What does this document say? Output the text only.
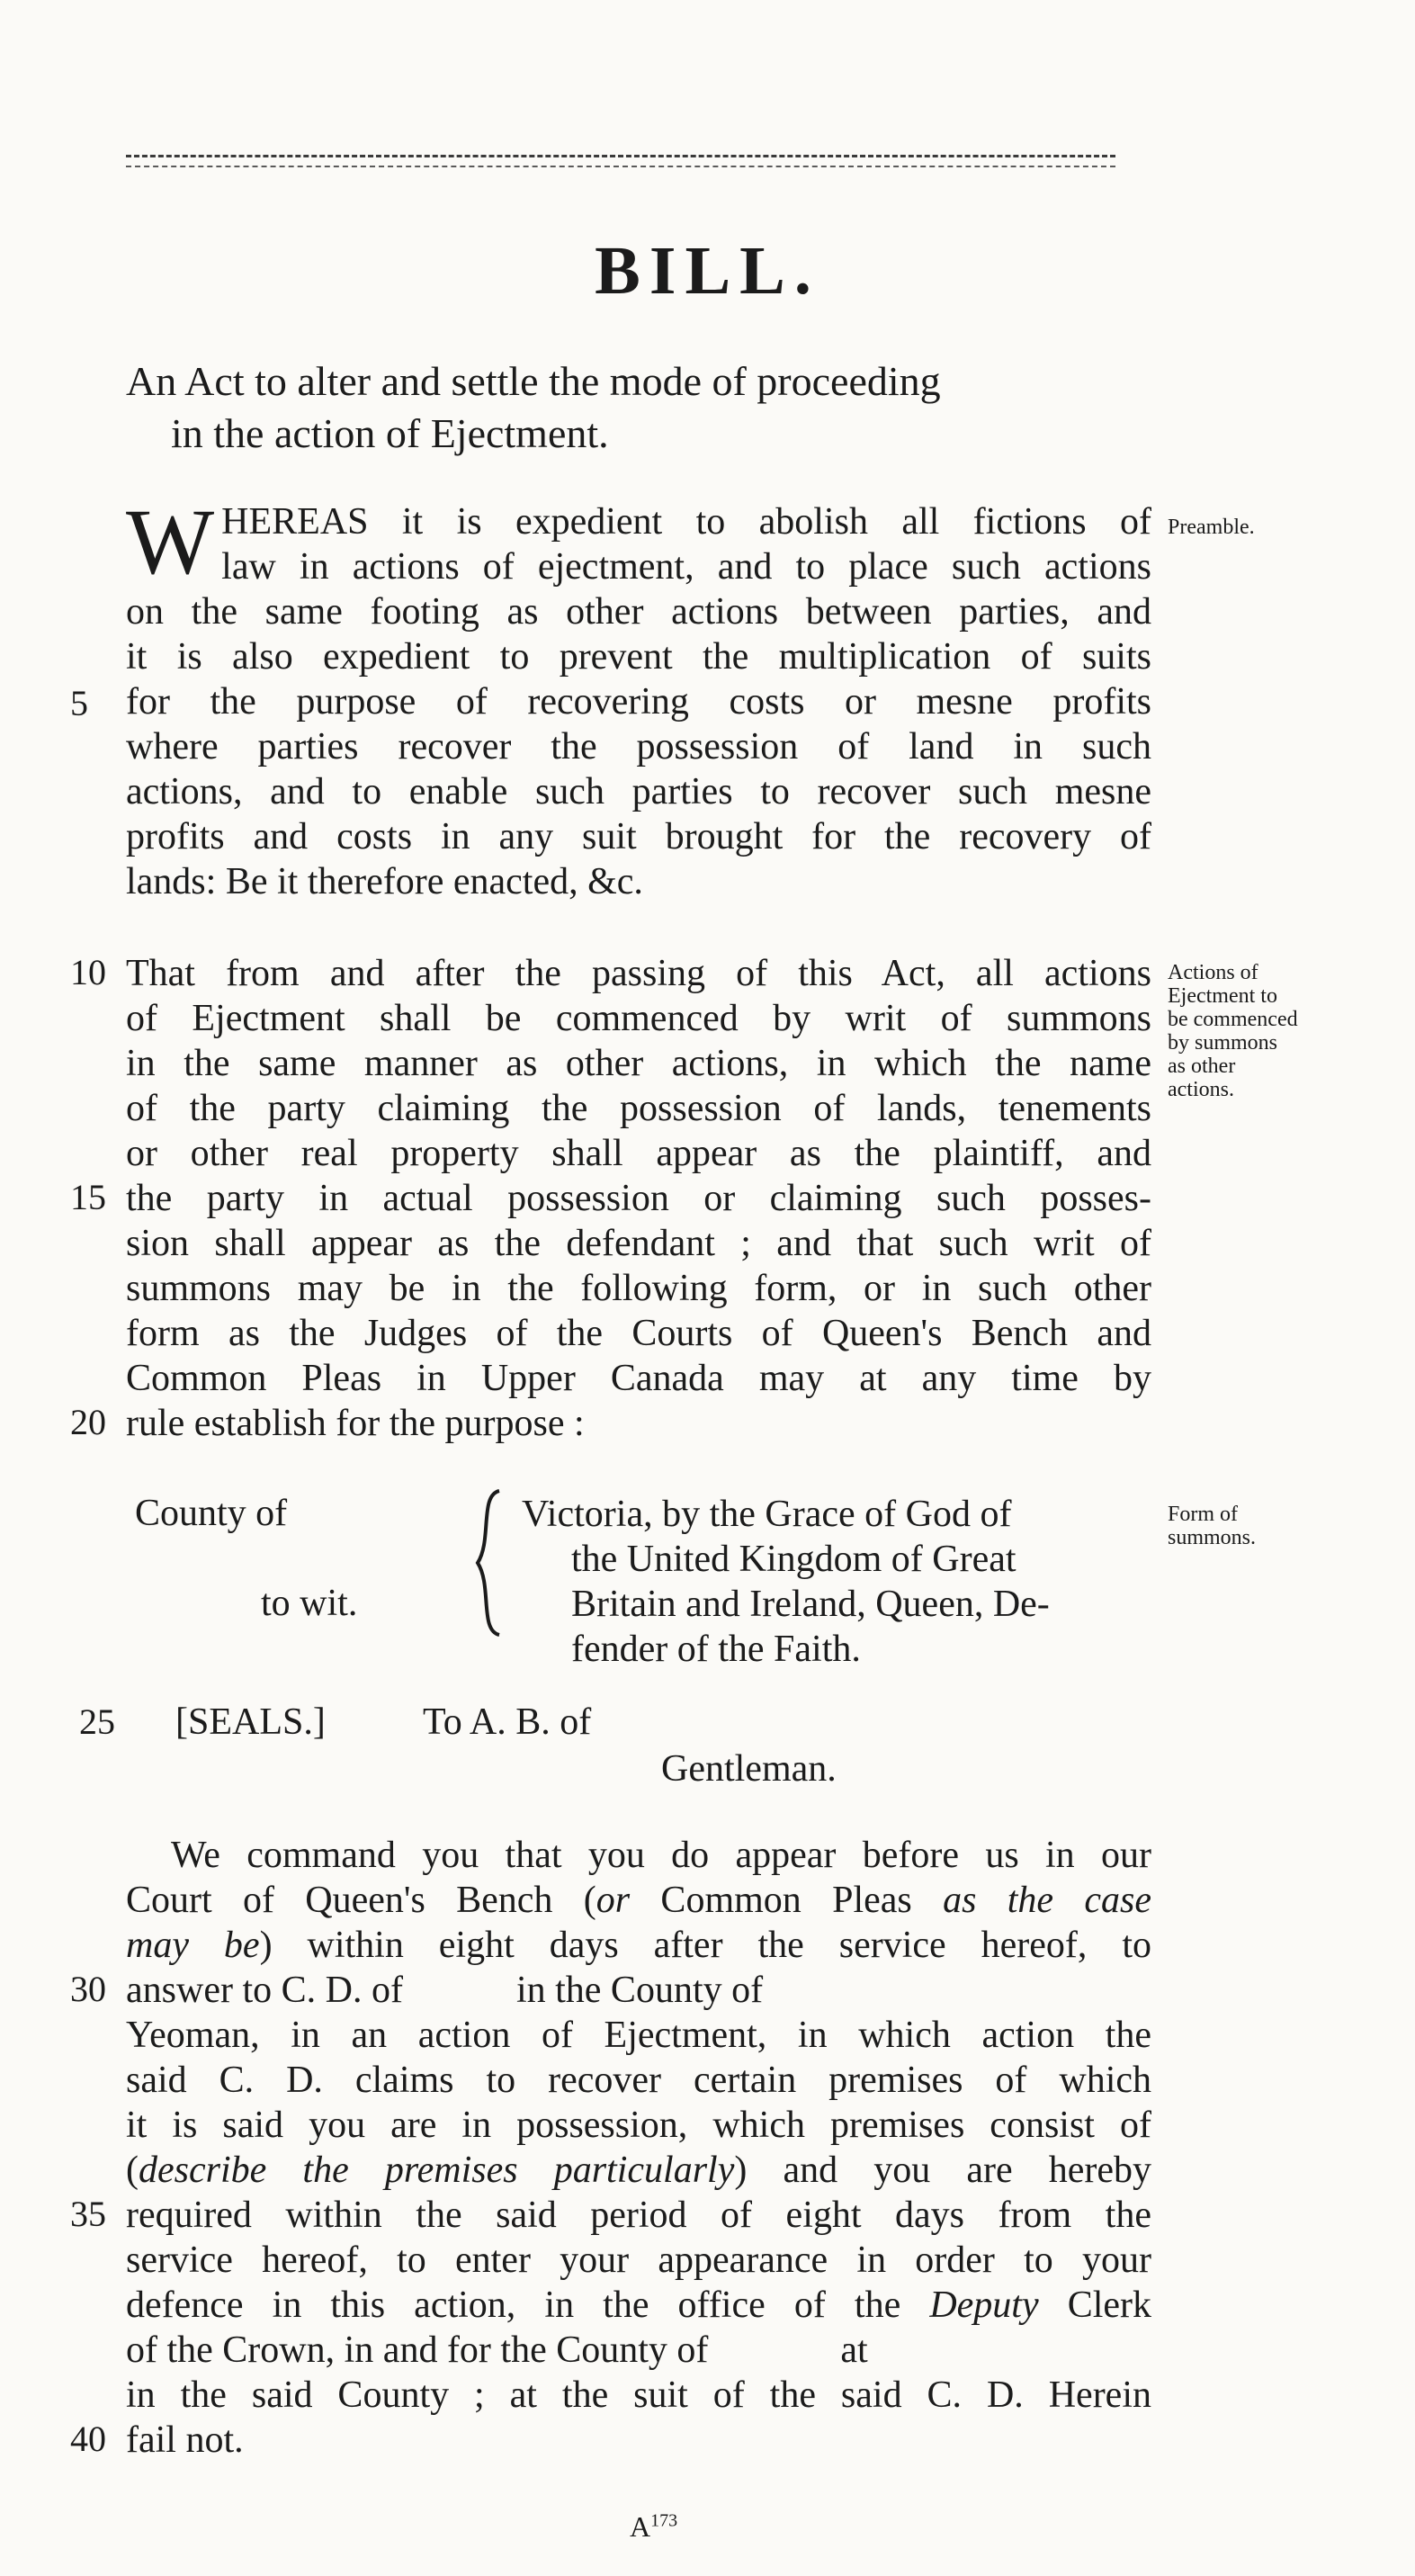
BILL.
An Act to alter and settle the mode of proceeding
in the action of Ejectment.
W HEREAS it is expedient to abolish all fictions of
law in actions of ejectment, and to place such actions
on the same footing as other actions between parties, and
it is also expedient to prevent the multiplication of suits
for the purpose of recovering costs or mesne profits
where parties recover the possession of land in such
actions, and to enable such parties to recover such mesne
profits and costs in any suit brought for the recovery of
lands: Be it therefore enacted, &c.
Preamble.
5
That from and after the passing of this Act, all actions
of Ejectment shall be commenced by writ of summons
in the same manner as other actions, in which the name
of the party claiming the possession of lands, tenements
or other real property shall appear as the plaintiff, and
the party in actual possession or claiming such posses-
sion shall appear as the defendant ; and that such writ of
summons may be in the following form, or in such other
form as the Judges of the Courts of Queen's Bench and
Common Pleas in Upper Canada may at any time by
rule establish for the purpose :
10
15
20
Actions of
Ejectment to
be commenced
by summons
as other
actions.
County of
to wit.
Victoria, by the Grace of God of
the United Kingdom of Great
Britain and Ireland, Queen, De-
fender of the Faith.
Form of
summons.
25 [SEALS.]	To A. B. of
Gentleman.
We command you that you do appear before us in our
Court of Queen's Bench (or Common Pleas as the case
may be) within eight days after the service hereof, to
answer to C. D. of            in the County of
Yeoman, in an action of Ejectment, in which action the
said C. D. claims to recover certain premises of which
it is said you are in possession, which premises consist of
(describe the premises particularly) and you are hereby
required within the said period of eight days from the
service hereof, to enter your appearance in order to your
defence in this action, in the office of the Deputy Clerk
of the Crown, in and for the County of              at
in the said County ; at the suit of the said C. D. Herein
fail not.
30
35
40
$A^{173}$
